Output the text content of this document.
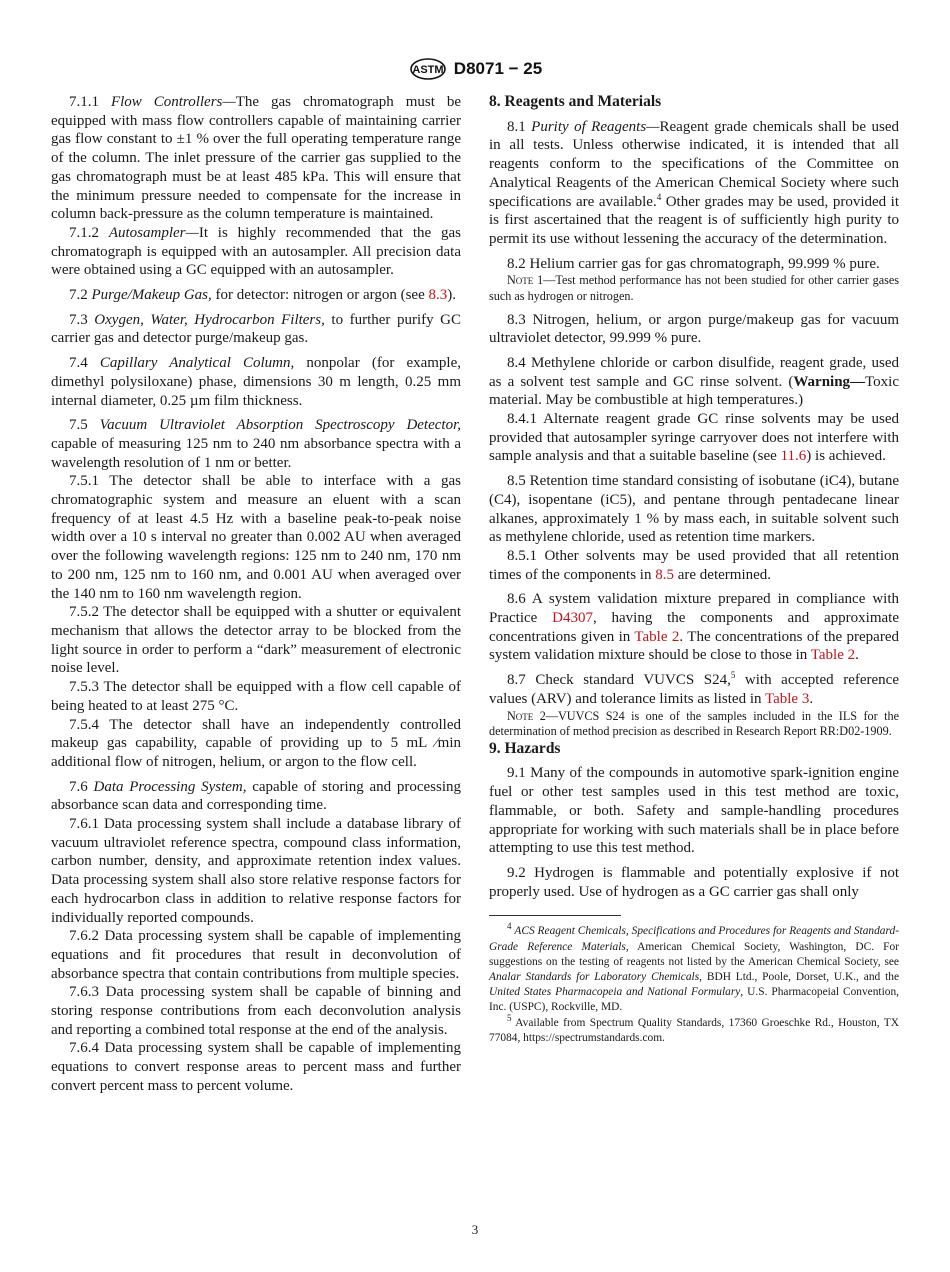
ASTM D8071 − 25

7.1.1 Flow Controllers—The gas chromatograph must be equipped with mass flow controllers capable of maintaining carrier gas flow constant to ±1 % over the full operating temperature range of the column. The inlet pressure of the carrier gas supplied to the gas chromatograph must be at least 485 kPa. This will ensure that the minimum pressure needed to compensate for the increase in column back-pressure as the column temperature is maintained.

7.1.2 Autosampler—It is highly recommended that the gas chromatograph is equipped with an autosampler. All precision data were obtained using a GC equipped with an autosampler.

7.2 Purge/Makeup Gas, for detector: nitrogen or argon (see 8.3).

7.3 Oxygen, Water, Hydrocarbon Filters, to further purify GC carrier gas and detector purge/makeup gas.

7.4 Capillary Analytical Column, nonpolar (for example, dimethyl polysiloxane) phase, dimensions 30 m length, 0.25 mm internal diameter, 0.25 µm film thickness.

7.5 Vacuum Ultraviolet Absorption Spectroscopy Detector, capable of measuring 125 nm to 240 nm absorbance spectra with a wavelength resolution of 1 nm or better.

7.5.1 The detector shall be able to interface with a gas chromatographic system and measure an eluent with a scan frequency of at least 4.5 Hz with a baseline peak-to-peak noise width over a 10 s interval no greater than 0.002 AU when averaged over the following wavelength regions: 125 nm to 240 nm, 170 nm to 200 nm, 125 nm to 160 nm, and 0.001 AU when averaged over the 140 nm to 160 nm wavelength region.

7.5.2 The detector shall be equipped with a shutter or equivalent mechanism that allows the detector array to be blocked from the light source in order to perform a “dark” measurement of electronic noise level.

7.5.3 The detector shall be equipped with a flow cell capable of being heated to at least 275 °C.

7.5.4 The detector shall have an independently controlled makeup gas capability, capable of providing up to 5 mL ⁄min additional flow of nitrogen, helium, or argon to the flow cell.

7.6 Data Processing System, capable of storing and processing absorbance scan data and corresponding time.

7.6.1 Data processing system shall include a database library of vacuum ultraviolet reference spectra, compound class information, carbon number, density, and approximate retention index values. Data processing system shall also store relative response factors for each hydrocarbon class in addition to relative response factors for individually reported compounds.

7.6.2 Data processing system shall be capable of implementing equations and fit procedures that result in deconvolution of absorbance spectra that contain contributions from multiple species.

7.6.3 Data processing system shall be capable of binning and storing response contributions from each deconvolution analysis and reporting a combined total response at the end of the analysis.

7.6.4 Data processing system shall be capable of implementing equations to convert response areas to percent mass and further convert percent mass to percent volume.

8. Reagents and Materials

8.1 Purity of Reagents—Reagent grade chemicals shall be used in all tests. Unless otherwise indicated, it is intended that all reagents conform to the specifications of the Committee on Analytical Reagents of the American Chemical Society where such specifications are available.$^4$ Other grades may be used, provided it is first ascertained that the reagent is of sufficiently high purity to permit its use without lessening the accuracy of the determination.

8.2 Helium carrier gas for gas chromatograph, 99.999 % pure.

Note 1—Test method performance has not been studied for other carrier gases such as hydrogen or nitrogen.

8.3 Nitrogen, helium, or argon purge/makeup gas for vacuum ultraviolet detector, 99.999 % pure.

8.4 Methylene chloride or carbon disulfide, reagent grade, used as a solvent test sample and GC rinse solvent. (Warning—Toxic material. May be combustible at high temperatures.)

8.4.1 Alternate reagent grade GC rinse solvents may be used provided that autosampler syringe carryover does not interfere with sample analysis and that a suitable baseline (see 11.6) is achieved.

8.5 Retention time standard consisting of isobutane (iC4), butane (C4), isopentane (iC5), and pentane through pentadecane linear alkanes, approximately 1 % by mass each, in suitable solvent such as methylene chloride, used as retention time markers.

8.5.1 Other solvents may be used provided that all retention times of the components in 8.5 are determined.

8.6 A system validation mixture prepared in compliance with Practice D4307, having the components and approximate concentrations given in Table 2. The concentrations of the prepared system validation mixture should be close to those in Table 2.

8.7 Check standard VUVCS S24,$^5$ with accepted reference values (ARV) and tolerance limits as listed in Table 3.

Note 2—VUVCS S24 is one of the samples included in the ILS for the determination of method precision as described in Research Report RR:D02-1909.

9. Hazards

9.1 Many of the compounds in automotive spark-ignition engine fuel or other test samples used in this test method are toxic, flammable, or both. Safety and sample-handling procedures appropriate for working with such materials shall be in place before attempting to use this test method.

9.2 Hydrogen is flammable and potentially explosive if not properly used. Use of hydrogen as a GC carrier gas shall only

$^4$ ACS Reagent Chemicals, Specifications and Procedures for Reagents and Standard-Grade Reference Materials, American Chemical Society, Washington, DC. For suggestions on the testing of reagents not listed by the American Chemical Society, see Analar Standards for Laboratory Chemicals, BDH Ltd., Poole, Dorset, U.K., and the United States Pharmacopeia and National Formulary, U.S. Pharmacopeial Convention, Inc. (USPC), Rockville, MD.

$^5$ Available from Spectrum Quality Standards, 17360 Groeschke Rd., Houston, TX 77084, https://spectrumstandards.com.

3
